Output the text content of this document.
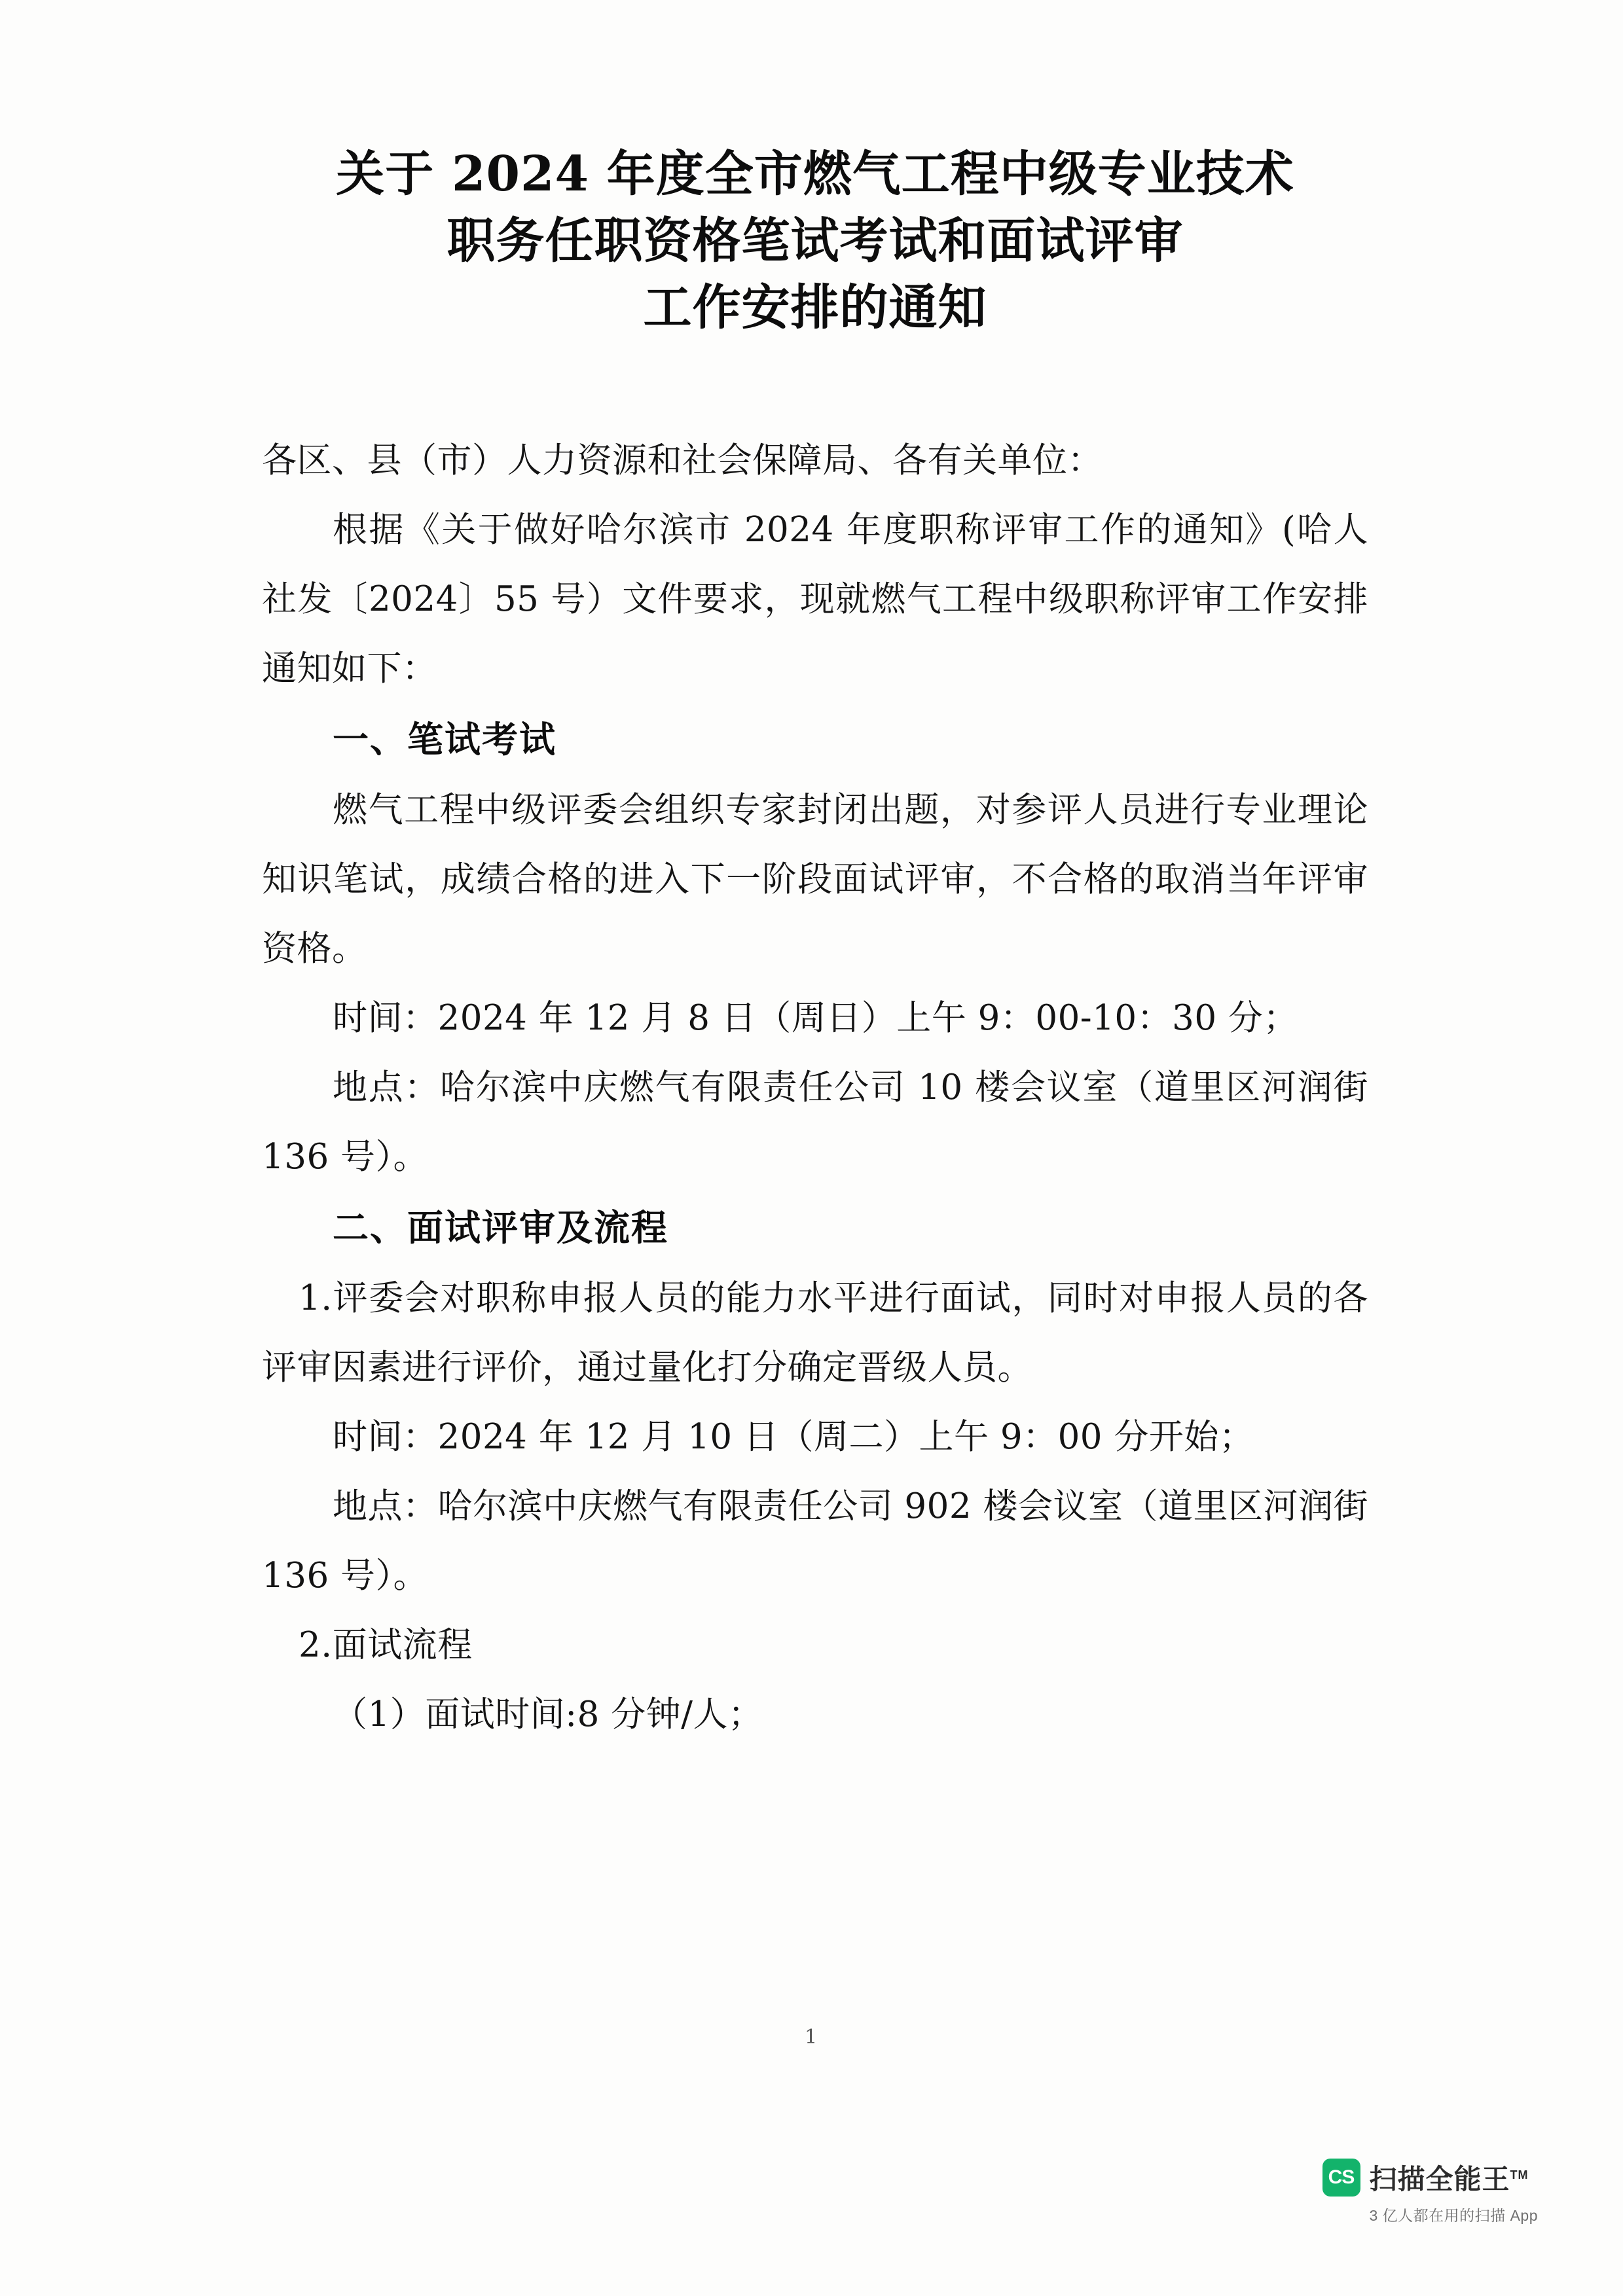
关于 2024 年度全市燃气工程中级专业技术
职务任职资格笔试考试和面试评审
工作安排的通知

各区、县（市）人力资源和社会保障局、各有关单位：

根据《关于做好哈尔滨市 2024 年度职称评审工作的通知》(哈人社发〔2024〕55 号）文件要求，现就燃气工程中级职称评审工作安排通知如下：

一、笔试考试

燃气工程中级评委会组织专家封闭出题，对参评人员进行专业理论知识笔试，成绩合格的进入下一阶段面试评审，不合格的取消当年评审资格。

时间：2024 年 12 月 8 日（周日）上午 9：00-10：30 分；

地点：哈尔滨中庆燃气有限责任公司 10 楼会议室（道里区河润街 136 号）。

二、面试评审及流程

1.评委会对职称申报人员的能力水平进行面试，同时对申报人员的各评审因素进行评价，通过量化打分确定晋级人员。

时间：2024 年 12 月 10 日（周二）上午 9：00 分开始；

地点：哈尔滨中庆燃气有限责任公司 902 楼会议室（道里区河润街 136 号）。

2.面试流程

（1）面试时间:8 分钟/人；

1
CS 扫描全能王™
3 亿人都在用的扫描 App
